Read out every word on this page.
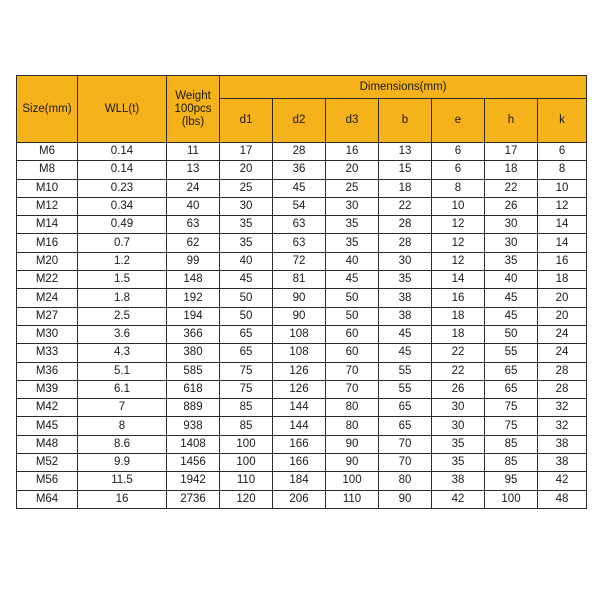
Size(mm)	WLL(t)	Weight
100pcs
(lbs)	Dimensions(mm)						
			d1	d2	d3	b	e	h	k
M6	0.14	11	17	28	16	13	6	17	6
M8	0.14	13	20	36	20	15	6	18	8
M10	0.23	24	25	45	25	18	8	22	10
M12	0.34	40	30	54	30	22	10	26	12
M14	0.49	63	35	63	35	28	12	30	14
M16	0.7	62	35	63	35	28	12	30	14
M20	1.2	99	40	72	40	30	12	35	16
M22	1.5	148	45	81	45	35	14	40	18
M24	1.8	192	50	90	50	38	16	45	20
M27	2.5	194	50	90	50	38	18	45	20
M30	3.6	366	65	108	60	45	18	50	24
M33	4.3	380	65	108	60	45	22	55	24
M36	5.1	585	75	126	70	55	22	65	28
M39	6.1	618	75	126	70	55	26	65	28
M42	7	889	85	144	80	65	30	75	32
M45	8	938	85	144	80	65	30	75	32
M48	8.6	1408	100	166	90	70	35	85	38
M52	9.9	1456	100	166	90	70	35	85	38
M56	11.5	1942	110	184	100	80	38	95	42
M64	16	2736	120	206	110	90	42	100	48
